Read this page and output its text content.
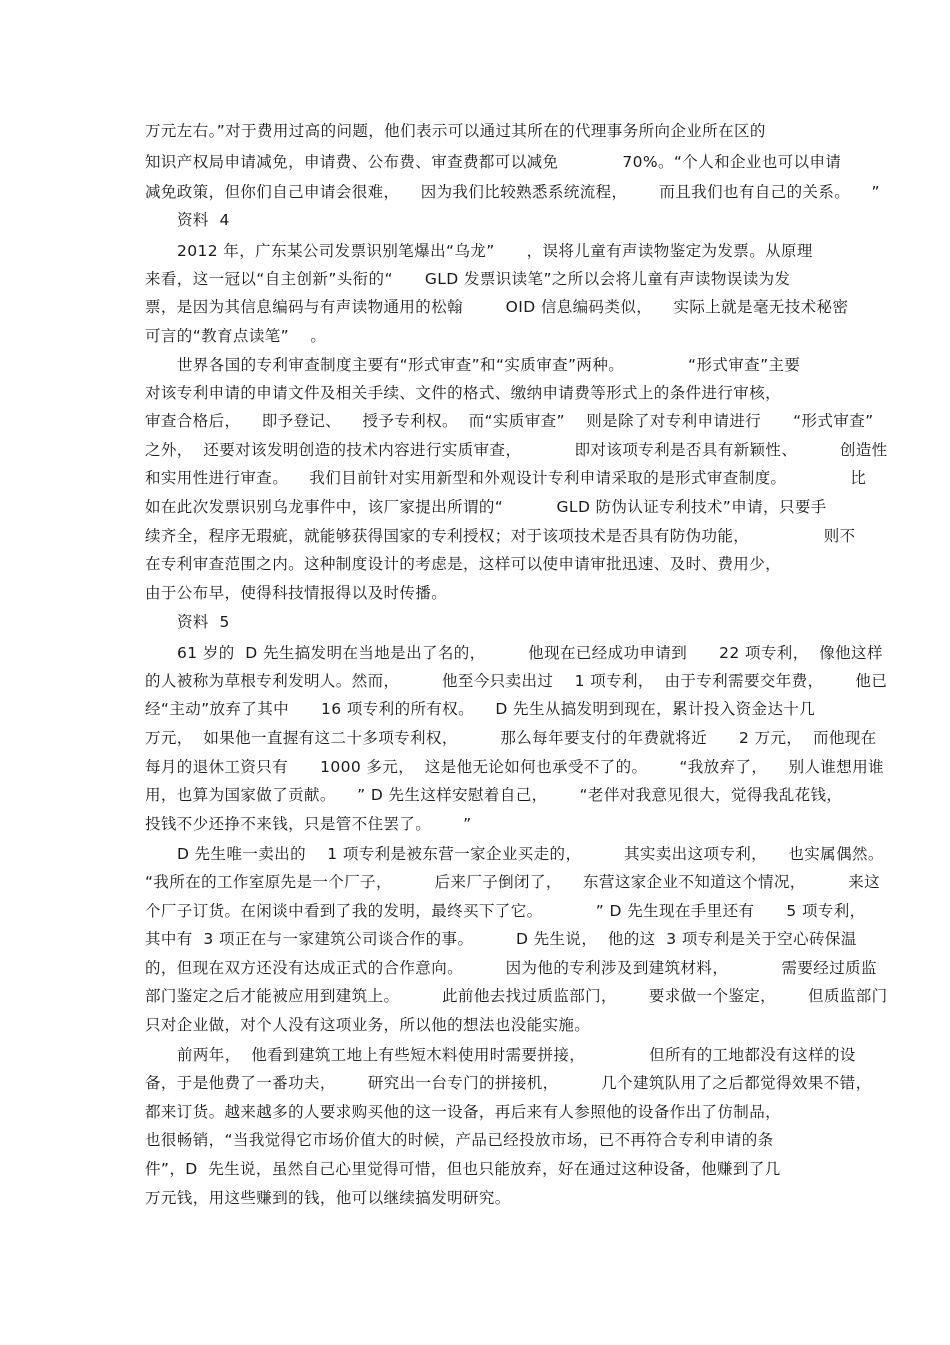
万元左右。”对于费用过高的问题，他们表示可以通过其所在的代理事务所向企业所在区的
知识产权局申请减免，申请费、公布费、审查费都可以减免            70%。“个人和企业也可以申请
减免政策，但你们自己申请会很难，    因为我们比较熟悉系统流程，      而且我们也有自己的关系。    ”
资料  4
2012 年，广东某公司发票识别笔爆出“乌龙”      ，误将儿童有声读物鉴定为发票。从原理
来看，这一冠以“自主创新”头衔的“      GLD 发票识读笔”之所以会将儿童有声读物误读为发
票，是因为其信息编码与有声读物通用的松翰        OID 信息编码类似，    实际上就是毫无技术秘密
可言的“教育点读笔”    。
世界各国的专利审查制度主要有“形式审查”和“实质审查”两种。            “形式审查”主要
对该专利申请的申请文件及相关手续、文件的格式、缴纳申请费等形式上的条件进行审核，
审查合格后，    即予登记、    授予专利权。  而“实质审查”    则是除了对专利申请进行      “形式审查”
之外，  还要对该发明创造的技术内容进行实质审查，          即对该项专利是否具有新颖性、        创造性
和实用性进行审查。    我们目前针对实用新型和外观设计专利申请采取的是形式审查制度。            比
如在此次发票识别乌龙事件中，该厂家提出所谓的“          GLD 防伪认证专利技术”申请，只要手
续齐全，程序无瑕疵，就能够获得国家的专利授权；对于该项技术是否具有防伪功能，              则不
在专利审查范围之内。这种制度设计的考虑是，这样可以使申请审批迅速、及时、费用少，
由于公布早，使得科技情报得以及时传播。
资料  5
61 岁的  D 先生搞发明在当地是出了名的，        他现在已经成功申请到      22 项专利，  像他这样
的人被称为草根专利发明人。然而，        他至今只卖出过    1 项专利，  由于专利需要交年费，      他已
经“主动”放弃了其中      16 项专利的所有权。    D 先生从搞发明到现在，累计投入资金达十几
万元，  如果他一直握有这二十多项专利权，        那么每年要支付的年费就将近      2 万元，  而他现在
每月的退休工资只有      1000 多元，  这是他无论如何也承受不了的。      “我放弃了，    别人谁想用谁
用，也算为国家做了贡献。    ” D 先生这样安慰着自己，      “老伴对我意见很大，觉得我乱花钱，
投钱不少还挣不来钱，只是管不住罢了。      ”
D 先生唯一卖出的    1 项专利是被东营一家企业买走的，        其实卖出这项专利，    也实属偶然。
“我所在的工作室原先是一个厂子，        后来厂子倒闭了，    东营这家企业不知道这个情况，        来这
个厂子订货。在闲谈中看到了我的发明，最终买下了它。          ” D 先生现在手里还有      5 项专利，
其中有  3 项正在与一家建筑公司谈合作的事。        D 先生说，  他的这  3 项专利是关于空心砖保温
的，但现在双方还没有达成正式的合作意向。        因为他的专利涉及到建筑材料，          需要经过质监
部门鉴定之后才能被应用到建筑上。        此前他去找过质监部门，      要求做一个鉴定，      但质监部门
只对企业做，对个人没有这项业务，所以他的想法也没能实施。
前两年，  他看到建筑工地上有些短木料使用时需要拼接，            但所有的工地都没有这样的设
备，于是他费了一番功夫，      研究出一台专门的拼接机，        几个建筑队用了之后都觉得效果不错，
都来订货。越来越多的人要求购买他的这一设备，再后来有人参照他的设备作出了仿制品，
也很畅销，“当我觉得它市场价值大的时候，产品已经投放市场，已不再符合专利申请的条
件”，D  先生说，虽然自己心里觉得可惜，但也只能放弃，好在通过这种设备，他赚到了几
万元钱，用这些赚到的钱，他可以继续搞发明研究。
